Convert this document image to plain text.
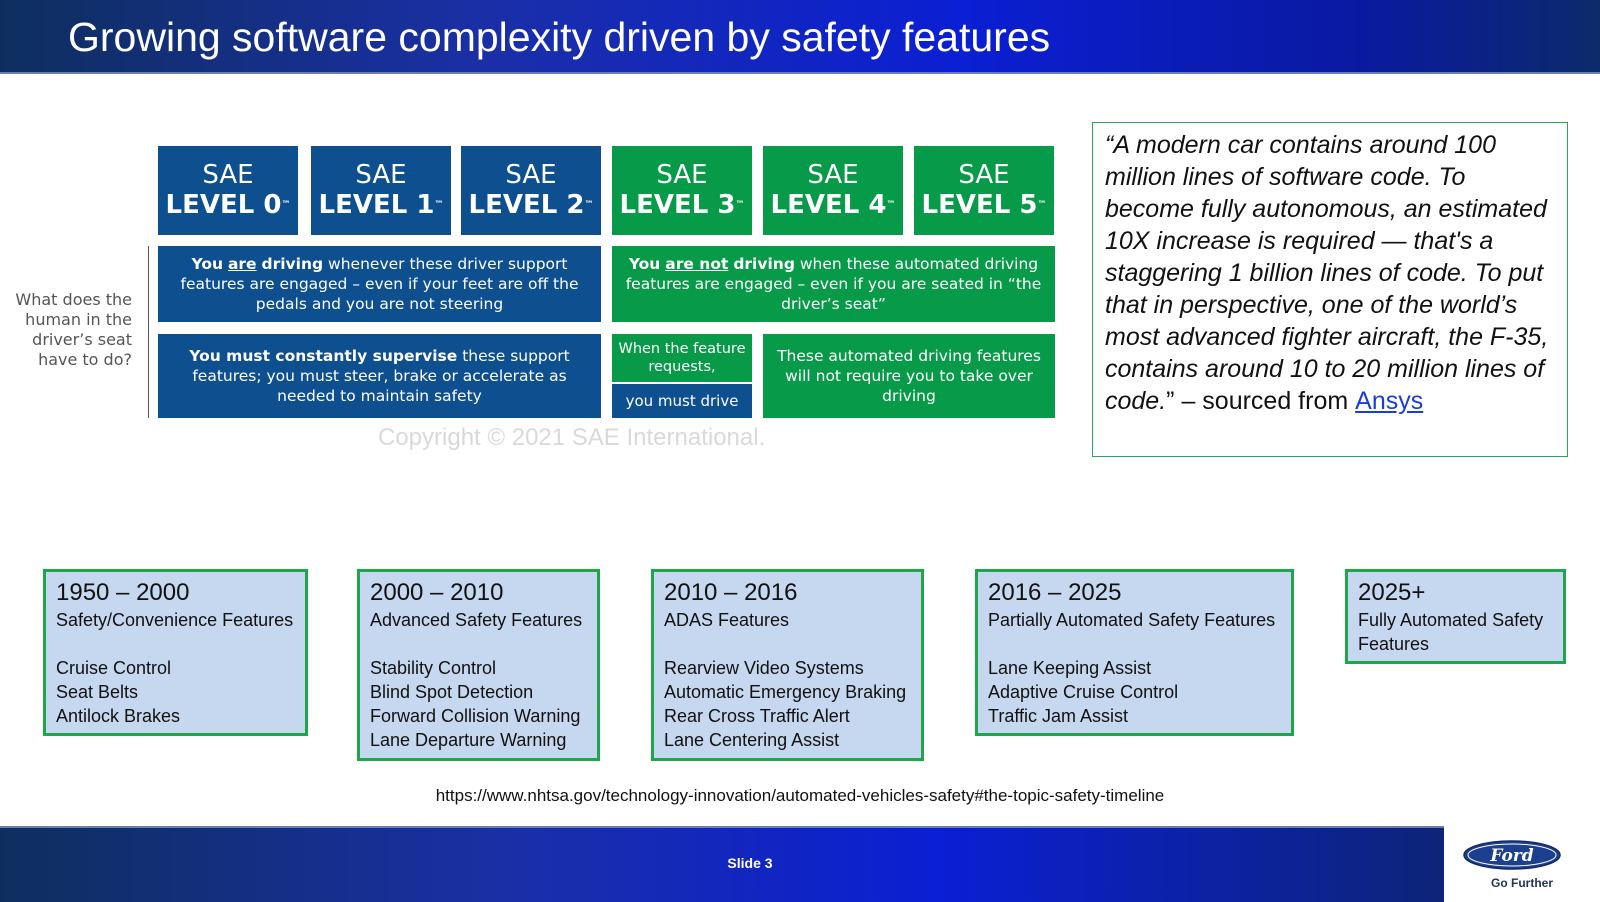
Growing software complexity driven by safety features
SAE
LEVEL 0™
SAE
LEVEL 1™
SAE
LEVEL 2™
SAE
LEVEL 3™
SAE
LEVEL 4™
SAE
LEVEL 5™
What does the human in the driver’s seat have to do?
You are driving whenever these driver support features are engaged – even if your feet are off the pedals and you are not steering
You are not driving when these automated driving features are engaged – even if you are seated in “the driver’s seat”
You must constantly supervise these support features; you must steer, brake or accelerate as needed to maintain safety
When the feature requests,
you must drive
These automated driving features will not require you to take over driving
Copyright © 2021 SAE International.
“A modern car contains around 100 million lines of software code. To become fully autonomous, an estimated 10X increase is required — that's a staggering 1 billion lines of code. To put that in perspective, one of the world’s most advanced fighter aircraft, the F-35, contains around 10 to 20 million lines of code.” – sourced from Ansys
1950 – 2000
Safety/Convenience Features
Cruise Control
Seat Belts
Antilock Brakes
2000 – 2010
Advanced Safety Features
Stability Control
Blind Spot Detection
Forward Collision Warning
Lane Departure Warning
2010 – 2016
ADAS Features
Rearview Video Systems
Automatic Emergency Braking
Rear Cross Traffic Alert
Lane Centering Assist
2016 – 2025
Partially Automated Safety Features
Lane Keeping Assist
Adaptive Cruise Control
Traffic Jam Assist
2025+
Fully Automated Safety Features
https://www.nhtsa.gov/technology-innovation/automated-vehicles-safety#the-topic-safety-timeline
Slide 3	Ford
Go Further
